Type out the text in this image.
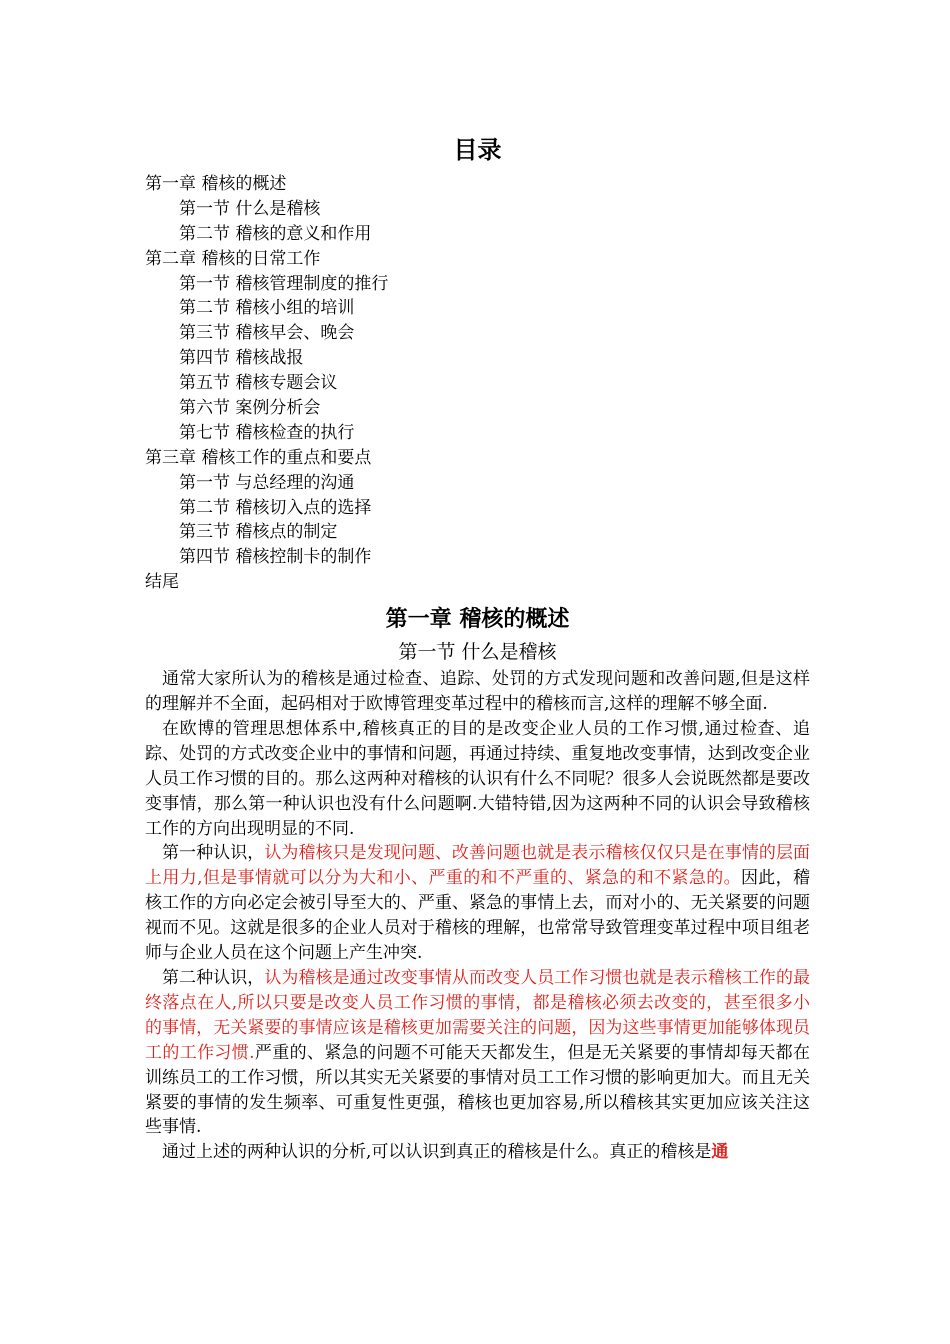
目录
第一章 稽核的概述
第一节 什么是稽核
第二节 稽核的意义和作用
第二章 稽核的日常工作
第一节 稽核管理制度的推行
第二节 稽核小组的培训
第三节 稽核早会、晚会
第四节 稽核战报
第五节 稽核专题会议
第六节 案例分析会
第七节 稽核检查的执行
第三章 稽核工作的重点和要点
第一节 与总经理的沟通
第二节 稽核切入点的选择
第三节 稽核点的制定
第四节 稽核控制卡的制作
结尾
第一章 稽核的概述
第一节 什么是稽核

通常大家所认为的稽核是通过检查、追踪、处罚的方式发现问题和改善问题,但是这样的理解并不全面，起码相对于欧博管理变革过程中的稽核而言,这样的理解不够全面.

在欧博的管理思想体系中,稽核真正的目的是改变企业人员的工作习惯,通过检查、追踪、处罚的方式改变企业中的事情和问题，再通过持续、重复地改变事情，达到改变企业人员工作习惯的目的。那么这两种对稽核的认识有什么不同呢？很多人会说既然都是要改变事情，那么第一种认识也没有什么问题啊.大错特错,因为这两种不同的认识会导致稽核工作的方向出现明显的不同.

第一种认识，认为稽核只是发现问题、改善问题也就是表示稽核仅仅只是在事情的层面上用力,但是事情就可以分为大和小、严重的和不严重的、紧急的和不紧急的。因此，稽核工作的方向必定会被引导至大的、严重、紧急的事情上去，而对小的、无关紧要的问题视而不见。这就是很多的企业人员对于稽核的理解，也常常导致管理变革过程中项目组老师与企业人员在这个问题上产生冲突.

第二种认识，认为稽核是通过改变事情从而改变人员工作习惯也就是表示稽核工作的最终落点在人,所以只要是改变人员工作习惯的事情，都是稽核必须去改变的，甚至很多小的事情，无关紧要的事情应该是稽核更加需要关注的问题，因为这些事情更加能够体现员工的工作习惯.严重的、紧急的问题不可能天天都发生，但是无关紧要的事情却每天都在训练员工的工作习惯，所以其实无关紧要的事情对员工工作习惯的影响更加大。而且无关紧要的事情的发生频率、可重复性更强，稽核也更加容易,所以稽核其实更加应该关注这些事情.

通过上述的两种认识的分析,可以认识到真正的稽核是什么。真正的稽核是通
